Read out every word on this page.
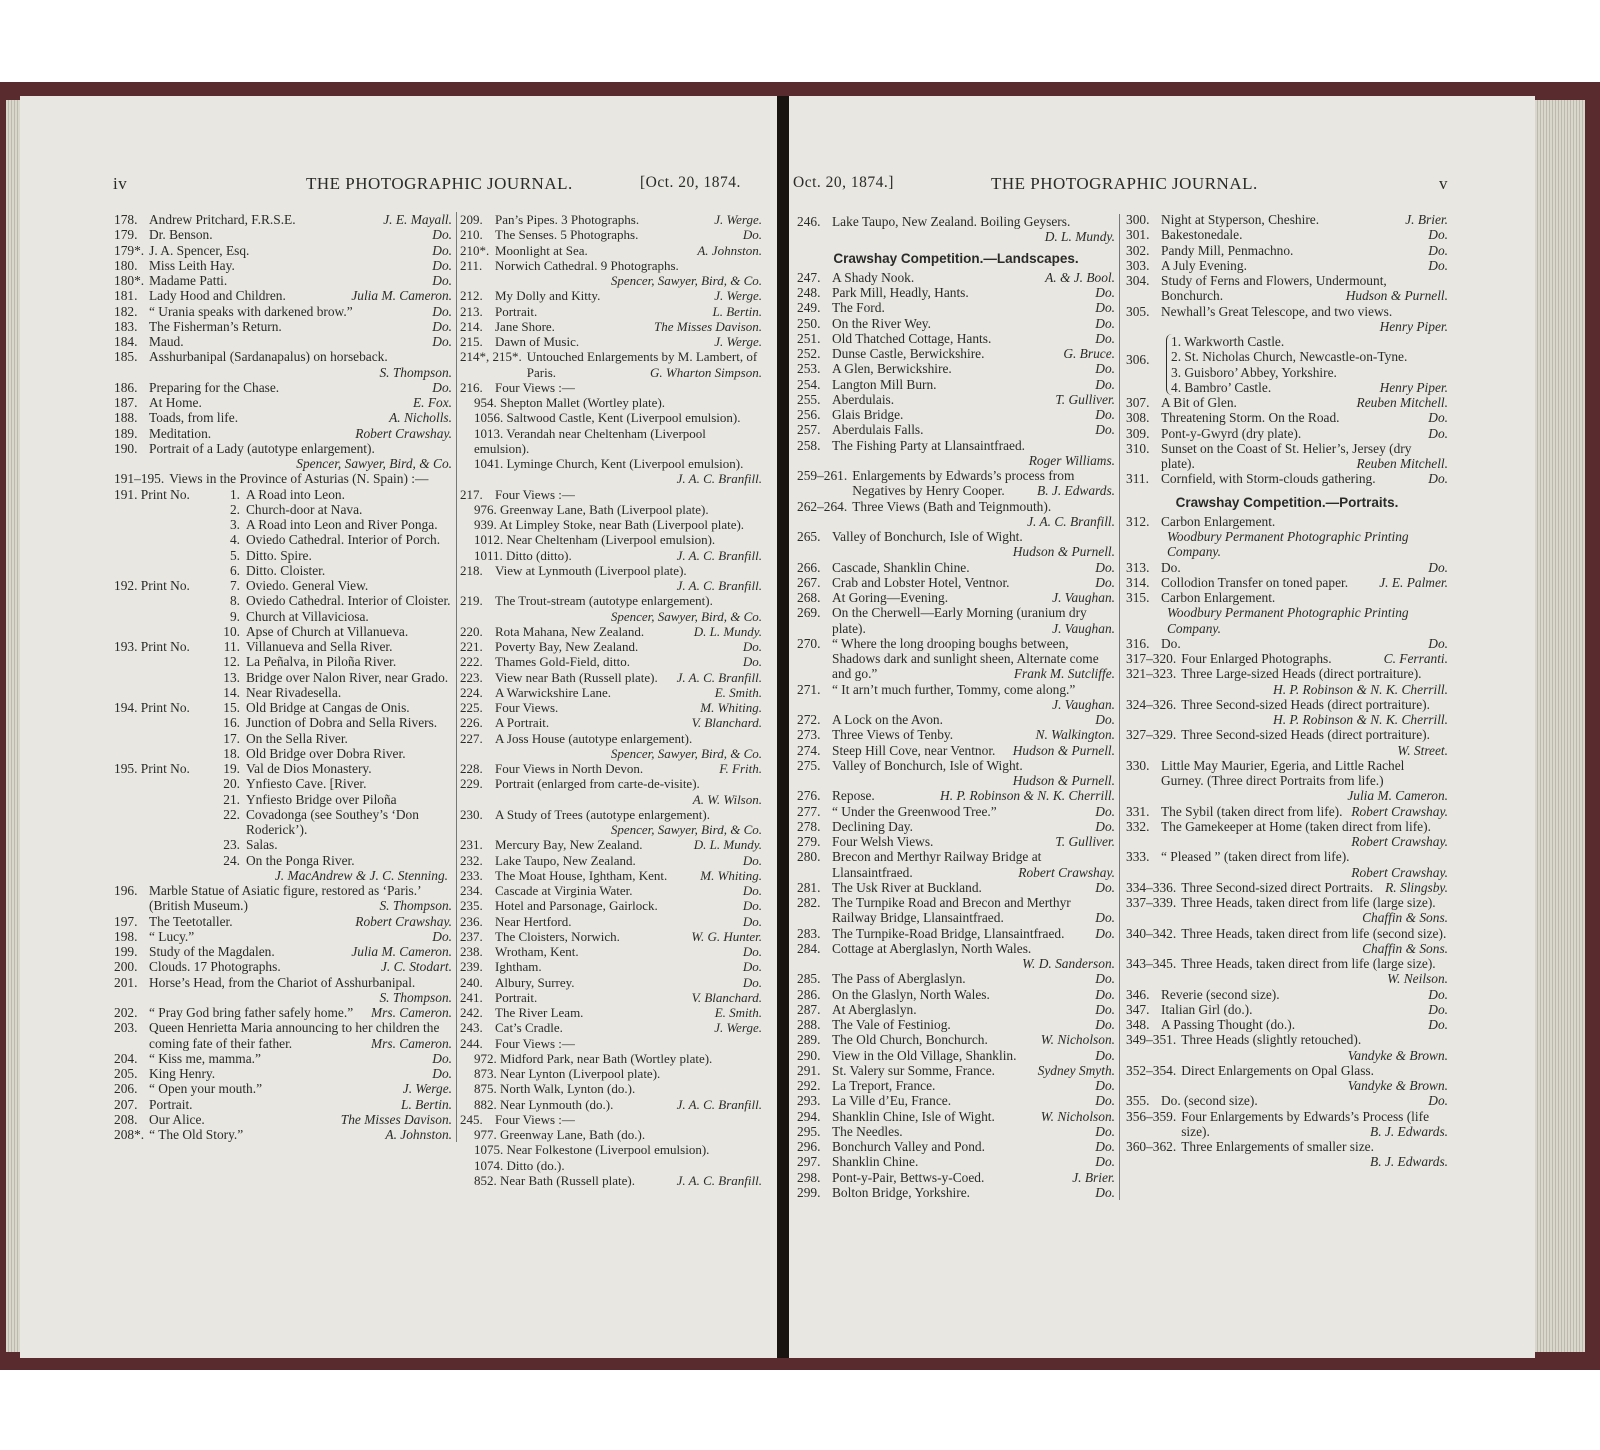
iv	THE PHOTOGRAPHIC JOURNAL.	[Oct. 20, 1874.
178. Andrew Pritchard, F.R.S.E.	J. E. Mayall.
179. Dr. Benson.	Do.
179*. J. A. Spencer, Esq.	Do.
180. Miss Leith Hay.	Do.
180*. Madame Patti.	Do.
181. Lady Hood and Children.	Julia M. Cameron.
182. “ Urania speaks with darkened brow.”	Do.
183. The Fisherman’s Return.	Do.
184. Maud.	Do.
185. Asshurbanipal (Sardanapalus) on horseback.
S. Thompson.
186. Preparing for the Chase.	Do.
187. At Home.	E. Fox.
188. Toads, from life.	A. Nicholls.
189. Meditation.	Robert Crawshay.
190. Portrait of a Lady (autotype enlargement).
Spencer, Sawyer, Bird, & Co.
191–195. Views in the Province of Asturias (N. Spain) :—
191. Print No.	1. A Road into Leon.
2. Church-door at Nava.
3. A Road into Leon and River Ponga.
4. Oviedo Cathedral. Interior of Porch.
5. Ditto. Spire.
6. Ditto. Cloister.
192. Print No.	7. Oviedo. General View.
8. Oviedo Cathedral. Interior of Cloister.
9. Church at Villaviciosa.
10. Apse of Church at Villanueva.
193. Print No.	11. Villanueva and Sella River.
12. La Peñalva, in Piloña River.
13. Bridge over Nalon River, near Grado.
14. Near Rivadesella.
194. Print No.	15. Old Bridge at Cangas de Onis.
16. Junction of Dobra and Sella Rivers.
17. On the Sella River.
18. Old Bridge over Dobra River.
195. Print No.	19. Val de Dios Monastery.
20. Ynfiesto Cave. [River.
21. Ynfiesto Bridge over Piloña
22. Covadonga (see Southey’s ‘Don Roderick’).
23. Salas.
24. On the Ponga River.
J. MacAndrew & J. C. Stenning.
196. Marble Statue of Asiatic figure, restored as ‘Paris.’ (British Museum.)	S. Thompson.
197. The Teetotaller.	Robert Crawshay.
198. “ Lucy.”	Do.
199. Study of the Magdalen.	Julia M. Cameron.
200. Clouds. 17 Photographs.	J. C. Stodart.
201. Horse’s Head, from the Chariot of Asshurbanipal.
S. Thompson.
202. “ Pray God bring father safely home.”	Mrs. Cameron.
203. Queen Henrietta Maria announcing to her children the coming fate of their father.	Mrs. Cameron.
204. “ Kiss me, mamma.”	Do.
205. King Henry.	Do.
206. “ Open your mouth.”	J. Werge.
207. Portrait.	L. Bertin.
208. Our Alice.	The Misses Davison.
208*. “ The Old Story.”	A. Johnston.
209. Pan’s Pipes. 3 Photographs.	J. Werge.
210. The Senses. 5 Photographs.	Do.
210*. Moonlight at Sea.	A. Johnston.
211. Norwich Cathedral. 9 Photographs.
Spencer, Sawyer, Bird, & Co.
212. My Dolly and Kitty.	J. Werge.
213. Portrait.	L. Bertin.
214. Jane Shore.	The Misses Davison.
215. Dawn of Music.	J. Werge.
214*, 215*. Untouched Enlargements by M. Lambert, of Paris.	G. Wharton Simpson.
216. Four Views :—
954. Shepton Mallet (Wortley plate).
1056. Saltwood Castle, Kent (Liverpool emulsion).
1013. Verandah near Cheltenham (Liverpool emulsion).
1041. Lyminge Church, Kent (Liverpool emulsion).
J. A. C. Branfill.
217. Four Views :—
976. Greenway Lane, Bath (Liverpool plate).
939. At Limpley Stoke, near Bath (Liverpool plate).
1012. Near Cheltenham (Liverpool emulsion).
1011. Ditto (ditto).	J. A. C. Branfill.
218. View at Lynmouth (Liverpool plate).
J. A. C. Branfill.
219. The Trout-stream (autotype enlargement).
Spencer, Sawyer, Bird, & Co.
220. Rota Mahana, New Zealand.	D. L. Mundy.
221. Poverty Bay, New Zealand.	Do.
222. Thames Gold-Field, ditto.	Do.
223. View near Bath (Russell plate).	J. A. C. Branfill.
224. A Warwickshire Lane.	E. Smith.
225. Four Views.	M. Whiting.
226. A Portrait.	V. Blanchard.
227. A Joss House (autotype enlargement).
Spencer, Sawyer, Bird, & Co.
228. Four Views in North Devon.	F. Frith.
229. Portrait (enlarged from carte-de-visite).
A. W. Wilson.
230. A Study of Trees (autotype enlargement).
Spencer, Sawyer, Bird, & Co.
231. Mercury Bay, New Zealand.	D. L. Mundy.
232. Lake Taupo, New Zealand.	Do.
233. The Moat House, Ightham, Kent.	M. Whiting.
234. Cascade at Virginia Water.	Do.
235. Hotel and Parsonage, Gairlock.	Do.
236. Near Hertford.	Do.
237. The Cloisters, Norwich.	W. G. Hunter.
238. Wrotham, Kent.	Do.
239. Ightham.	Do.
240. Albury, Surrey.	Do.
241. Portrait.	V. Blanchard.
242. The River Leam.	E. Smith.
243. Cat’s Cradle.	J. Werge.
244. Four Views :—
972. Midford Park, near Bath (Wortley plate).
873. Near Lynton (Liverpool plate).
875. North Walk, Lynton (do.).
882. Near Lynmouth (do.).	J. A. C. Branfill.
245. Four Views :—
977. Greenway Lane, Bath (do.).
1075. Near Folkestone (Liverpool emulsion).
1074. Ditto (do.).
852. Near Bath (Russell plate).	J. A. C. Branfill.
Oct. 20, 1874.]	THE PHOTOGRAPHIC JOURNAL.	v
246. Lake Taupo, New Zealand. Boiling Geysers.
D. L. Mundy.
Crawshay Competition.—Landscapes.
247. A Shady Nook.	A. & J. Bool.
248. Park Mill, Headly, Hants.	Do.
249. The Ford.	Do.
250. On the River Wey.	Do.
251. Old Thatched Cottage, Hants.	Do.
252. Dunse Castle, Berwickshire.	G. Bruce.
253. A Glen, Berwickshire.	Do.
254. Langton Mill Burn.	Do.
255. Aberdulais.	T. Gulliver.
256. Glais Bridge.	Do.
257. Aberdulais Falls.	Do.
258. The Fishing Party at Llansaintfraed.
Roger Williams.
259–261. Enlargements by Edwards’s process from Negatives by Henry Cooper.	B. J. Edwards.
262–264. Three Views (Bath and Teignmouth).
J. A. C. Branfill.
265. Valley of Bonchurch, Isle of Wight.
Hudson & Purnell.
266. Cascade, Shanklin Chine.	Do.
267. Crab and Lobster Hotel, Ventnor.	Do.
268. At Goring—Evening.	J. Vaughan.
269. On the Cherwell—Early Morning (uranium dry plate).	J. Vaughan.
270. “ Where the long drooping boughs between, Shadows dark and sunlight sheen, Alternate come and go.”	Frank M. Sutcliffe.
271. “ It arn’t much further, Tommy, come along.”
J. Vaughan.
272. A Lock on the Avon.	Do.
273. Three Views of Tenby.	N. Walkington.
274. Steep Hill Cove, near Ventnor.	Hudson & Purnell.
275. Valley of Bonchurch, Isle of Wight.
Hudson & Purnell.
276. Repose.	H. P. Robinson & N. K. Cherrill.
277. “ Under the Greenwood Tree.”	Do.
278. Declining Day.	Do.
279. Four Welsh Views.	T. Gulliver.
280. Brecon and Merthyr Railway Bridge at Llansaintfraed.	Robert Crawshay.
281. The Usk River at Buckland.	Do.
282. The Turnpike Road and Brecon and Merthyr Railway Bridge, Llansaintfraed.	Do.
283. The Turnpike-Road Bridge, Llansaintfraed.	Do.
284. Cottage at Aberglaslyn, North Wales.
W. D. Sanderson.
285. The Pass of Aberglaslyn.	Do.
286. On the Glaslyn, North Wales.	Do.
287. At Aberglaslyn.	Do.
288. The Vale of Festiniog.	Do.
289. The Old Church, Bonchurch.	W. Nicholson.
290. View in the Old Village, Shanklin.	Do.
291. St. Valery sur Somme, France.	Sydney Smyth.
292. La Treport, France.	Do.
293. La Ville d’Eu, France.	Do.
294. Shanklin Chine, Isle of Wight.	W. Nicholson.
295. The Needles.	Do.
296. Bonchurch Valley and Pond.	Do.
297. Shanklin Chine.	Do.
298. Pont-y-Pair, Bettws-y-Coed.	J. Brier.
299. Bolton Bridge, Yorkshire.	Do.
300. Night at Styperson, Cheshire.	J. Brier.
301. Bakestonedale.	Do.
302. Pandy Mill, Penmachno.	Do.
303. A July Evening.	Do.
304. Study of Ferns and Flowers, Undermount, Bonchurch.	Hudson & Purnell.
305. Newhall’s Great Telescope, and two views.
Henry Piper.
306.
1. Warkworth Castle.
2. St. Nicholas Church, Newcastle-on-Tyne.
3. Guisboro’ Abbey, Yorkshire.
4. Bambro’ Castle.	Henry Piper.
307. A Bit of Glen.	Reuben Mitchell.
308. Threatening Storm. On the Road.	Do.
309. Pont-y-Gwyrd (dry plate).	Do.
310. Sunset on the Coast of St. Helier’s, Jersey (dry plate).	Reuben Mitchell.
311. Cornfield, with Storm-clouds gathering.	Do.
Crawshay Competition.—Portraits.
312. Carbon Enlargement.
Woodbury Permanent Photographic Printing Company.
313. Do.	Do.
314. Collodion Transfer on toned paper.	J. E. Palmer.
315. Carbon Enlargement.
Woodbury Permanent Photographic Printing Company.
316. Do.	Do.
317–320. Four Enlarged Photographs.	C. Ferranti.
321–323. Three Large-sized Heads (direct portraiture).
H. P. Robinson & N. K. Cherrill.
324–326. Three Second-sized Heads (direct portraiture).
H. P. Robinson & N. K. Cherrill.
327–329. Three Second-sized Heads (direct portraiture).
W. Street.
330. Little May Maurier, Egeria, and Little Rachel Gurney. (Three direct Portraits from life.)
Julia M. Cameron.
331. The Sybil (taken direct from life). Robert Crawshay.
332. The Gamekeeper at Home (taken direct from life).
Robert Crawshay.
333. “ Pleased ” (taken direct from life).
Robert Crawshay.
334–336. Three Second-sized direct Portraits. R. Slingsby.
337–339. Three Heads, taken direct from life (large size).
Chaffin & Sons.
340–342. Three Heads, taken direct from life (second size).
Chaffin & Sons.
343–345. Three Heads, taken direct from life (large size).
W. Neilson.
346. Reverie (second size).	Do.
347. Italian Girl (do.).	Do.
348. A Passing Thought (do.).	Do.
349–351. Three Heads (slightly retouched).
Vandyke & Brown.
352–354. Direct Enlargements on Opal Glass.
Vandyke & Brown.
355. Do. (second size).	Do.
356–359. Four Enlargements by Edwards’s Process (life size).	B. J. Edwards.
360–362. Three Enlargements of smaller size.
B. J. Edwards.
